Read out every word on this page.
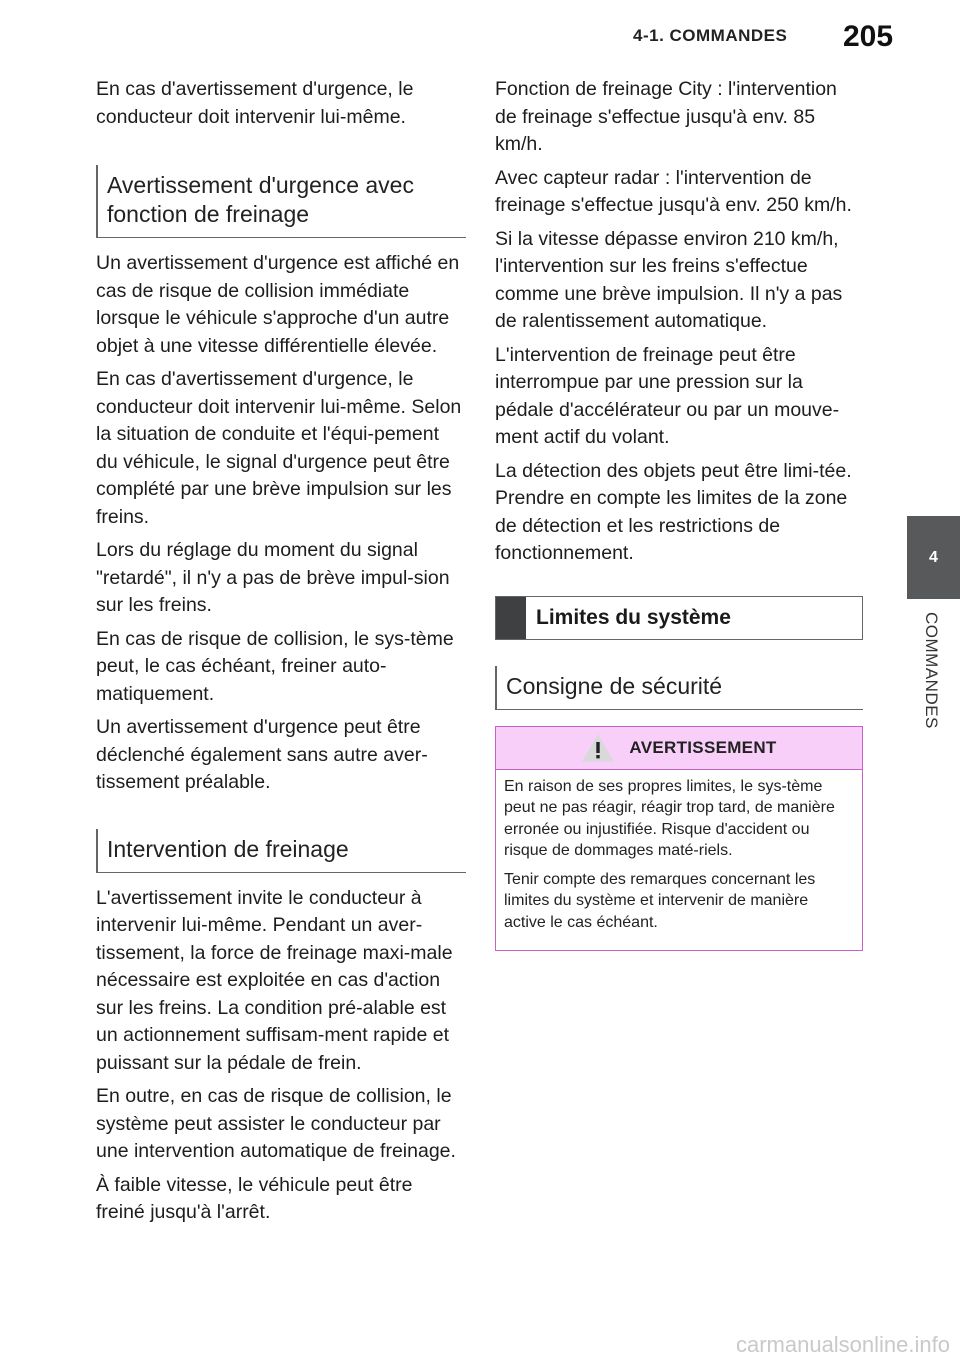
4-1. COMMANDES 205
4
COMMANDES

En cas d'avertissement d'urgence, le conducteur doit intervenir lui-même.

Avertissement d'urgence avec fonction de freinage

Un avertissement d'urgence est affiché en cas de risque de collision immédiate lorsque le véhicule s'approche d'un autre objet à une vitesse différentielle élevée.

En cas d'avertissement d'urgence, le conducteur doit intervenir lui-même. Selon la situation de conduite et l'équi-pement du véhicule, le signal d'urgence peut être complété par une brève impulsion sur les freins.

Lors du réglage du moment du signal "retardé", il n'y a pas de brève impul-sion sur les freins.

En cas de risque de collision, le sys-tème peut, le cas échéant, freiner auto-matiquement.

Un avertissement d'urgence peut être déclenché également sans autre aver-tissement préalable.

Intervention de freinage

L'avertissement invite le conducteur à intervenir lui-même. Pendant un aver-tissement, la force de freinage maxi-male nécessaire est exploitée en cas d'action sur les freins. La condition pré-alable est un actionnement suffisam-ment rapide et puissant sur la pédale de frein.

En outre, en cas de risque de collision, le système peut assister le conducteur par une intervention automatique de freinage.

À faible vitesse, le véhicule peut être freiné jusqu'à l'arrêt.

Fonction de freinage City : l'intervention de freinage s'effectue jusqu'à env. 85 km/h.

Avec capteur radar : l'intervention de freinage s'effectue jusqu'à env. 250 km/h.

Si la vitesse dépasse environ 210 km/h, l'intervention sur les freins s'effectue comme une brève impulsion. Il n'y a pas de ralentissement automatique.

L'intervention de freinage peut être interrompue par une pression sur la pédale d'accélérateur ou par un mouve-ment actif du volant.

La détection des objets peut être limi-tée. Prendre en compte les limites de la zone de détection et les restrictions de fonctionnement.

Limites du système
Consigne de sécurité
AVERTISSEMENT

En raison de ses propres limites, le sys-tème peut ne pas réagir, réagir trop tard, de manière erronée ou injustifiée. Risque d'accident ou risque de dommages maté-riels.

Tenir compte des remarques concernant les limites du système et intervenir de manière active le cas échéant.

carmanualsonline.info
